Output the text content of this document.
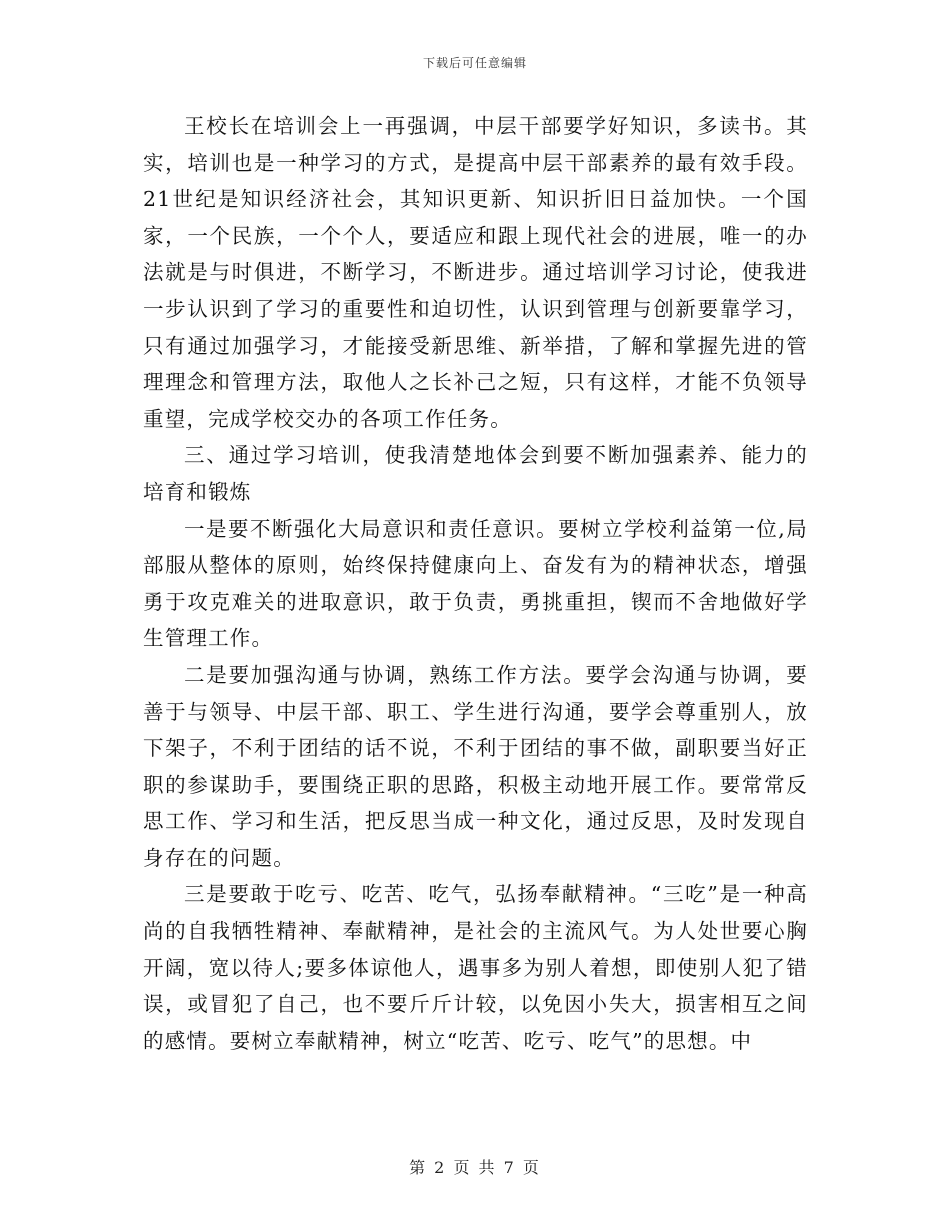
下载后可任意编辑

王校长在培训会上一再强调，中层干部要学好知识，多读书。其实，培训也是一种学习的方式，是提高中层干部素养的最有效手段。21世纪是知识经济社会，其知识更新、知识折旧日益加快。一个国家，一个民族，一个个人，要适应和跟上现代社会的进展，唯一的办法就是与时俱进，不断学习，不断进步。通过培训学习讨论，使我进一步认识到了学习的重要性和迫切性，认识到管理与创新要靠学习，只有通过加强学习，才能接受新思维、新举措，了解和掌握先进的管理理念和管理方法，取他人之长补己之短，只有这样，才能不负领导重望，完成学校交办的各项工作任务。

三、通过学习培训，使我清楚地体会到要不断加强素养、能力的培育和锻炼

一是要不断强化大局意识和责任意识。要树立学校利益第一位,局部服从整体的原则，始终保持健康向上、奋发有为的精神状态，增强勇于攻克难关的进取意识，敢于负责，勇挑重担，锲而不舍地做好学生管理工作。

二是要加强沟通与协调，熟练工作方法。要学会沟通与协调，要善于与领导、中层干部、职工、学生进行沟通，要学会尊重别人，放下架子，不利于团结的话不说，不利于团结的事不做，副职要当好正职的参谋助手，要围绕正职的思路，积极主动地开展工作。要常常反思工作、学习和生活，把反思当成一种文化，通过反思，及时发现自身存在的问题。

三是要敢于吃亏、吃苦、吃气，弘扬奉献精神。“三吃”是一种高尚的自我牺牲精神、奉献精神，是社会的主流风气。为人处世要心胸开阔，宽以待人;要多体谅他人，遇事多为别人着想，即使别人犯了错误，或冒犯了自己，也不要斤斤计较，以免因小失大，损害相互之间的感情。要树立奉献精神，树立“吃苦、吃亏、吃气”的思想。中

第 2 页 共 7 页
